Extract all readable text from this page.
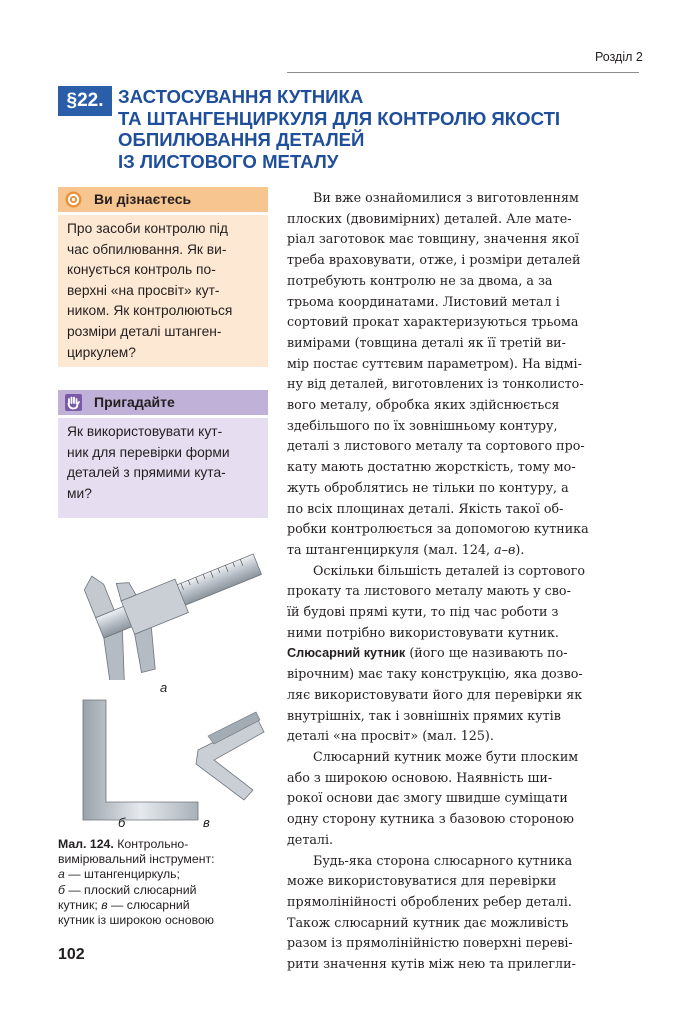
Розділ 2
§22. ЗАСТОСУВАННЯ КУТНИКА
ТА ШТАНГЕНЦИРКУЛЯ ДЛЯ КОНТРОЛЮ ЯКОСТІ
ОБПИЛЮВАННЯ ДЕТАЛЕЙ
ІЗ ЛИСТОВОГО МЕТАЛУ
Ви дізнаєтесь
Про засоби контролю під
час обпилювання. Як ви-
конується контроль по-
верхні «на просвіт» кут-
ником. Як контролюються
розміри деталі штанген-
циркулем?
Пригадайте
Як використовувати кут-
ник для перевірки форми
деталей з прямими кута-
ми?
а
б	в
Мал. 124. Контрольно-
вимірювальний інструмент:
а — штангенциркуль;
б — плоский слюсарний
кутник; в — слюсарний
кутник із широкою основою
102
Ви вже ознайомилися з виготовленням
плоских (двовимірних) деталей. Але мате-
ріал заготовок має товщину, значення якої
треба враховувати, отже, і розміри деталей
потребують контролю не за двома, а за
трьома координатами. Листовий метал і
сортовий прокат характеризуються трьома
вимірами (товщина деталі як її третій ви-
мір постає суттєвим параметром). На відмі-
ну від деталей, виготовлених із тонколисто-
вого металу, обробка яких здійснюється
здебільшого по їх зовнішньому контуру,
деталі з листового металу та сортового про-
кату мають достатню жорсткість, тому мо-
жуть оброблятись не тільки по контуру, а
по всіх площинах деталі. Якість такої об-
робки контролюється за допомогою кутника
та штангенциркуля (мал. 124, а–в).
Оскільки більшість деталей із сортового
прокату та листового металу мають у сво-
їй будові прямі кути, то під час роботи з
ними потрібно використовувати кутник.
Слюсарний кутник (його ще називають по-
вірочним) має таку конструкцію, яка дозво-
ляє використовувати його для перевірки як
внутрішніх, так і зовнішніх прямих кутів
деталі «на просвіт» (мал. 125).
Слюсарний кутник може бути плоским
або з широкою основою. Наявність ши-
рокої основи дає змогу швидше суміщати
одну сторону кутника з базовою стороною
деталі.
Будь-яка сторона слюсарного кутника
може використовуватися для перевірки
прямолінійності оброблених ребер деталі.
Також слюсарний кутник дає можливість
разом із прямолінійністю поверхні переві-
рити значення кутів між нею та прилегли-
